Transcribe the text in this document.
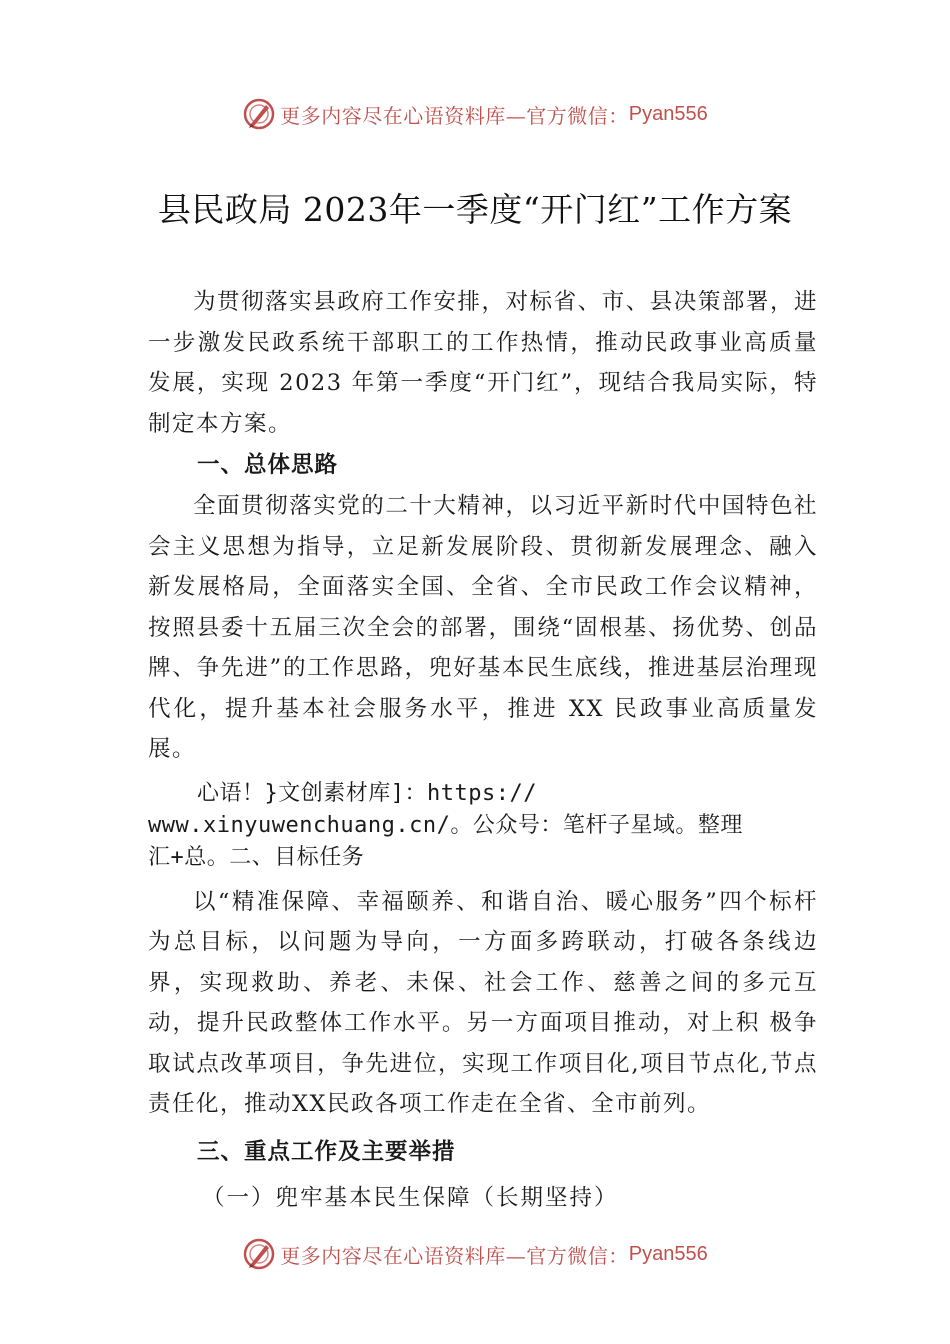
更多内容尽在心语资料库—官方微信： Pyan556
县民政局 2023年一季度“开门红”工作方案

为贯彻落实县政府工作安排，对标省、市、县决策部署，进一步激发民政系统干部职工的工作热情，推动民政事业高质量发展，实现 2023 年第一季度“开门红”，现结合我局实际，特制定本方案。

一、总体思路

全面贯彻落实党的二十大精神，以习近平新时代中国特色社会主义思想为指导，立足新发展阶段、贯彻新发展理念、融入新发展格局，全面落实全国、全省、全市民政工作会议精神，按照县委十五届三次全会的部署，围绕“固根基、扬优势、创品牌、争先进”的工作思路，兜好基本民生底线，推进基层治理现代化，提升基本社会服务水平，推进 XX 民政事业高质量发展。

心语！}文创素材库]：https://
www.xinyuwenchuang.cn/。公众号：笔杆子星域。整理
汇+总。二、目标任务

以“精准保障、幸福颐养、和谐自治、暖心服务”四个标杆为总目标，以问题为导向，一方面多跨联动，打破各条线边界，实现救助、养老、未保、社会工作、慈善之间的多元互动，提升民政整体工作水平。另一方面项目推动，对上积 极争取试点改革项目，争先进位，实现工作项目化,项目节点化,节点责任化，推动XX民政各项工作走在全省、全市前列。

三、重点工作及主要举措

（一）兜牢基本民生保障（长期坚持）

更多内容尽在心语资料库—官方微信： Pyan556
